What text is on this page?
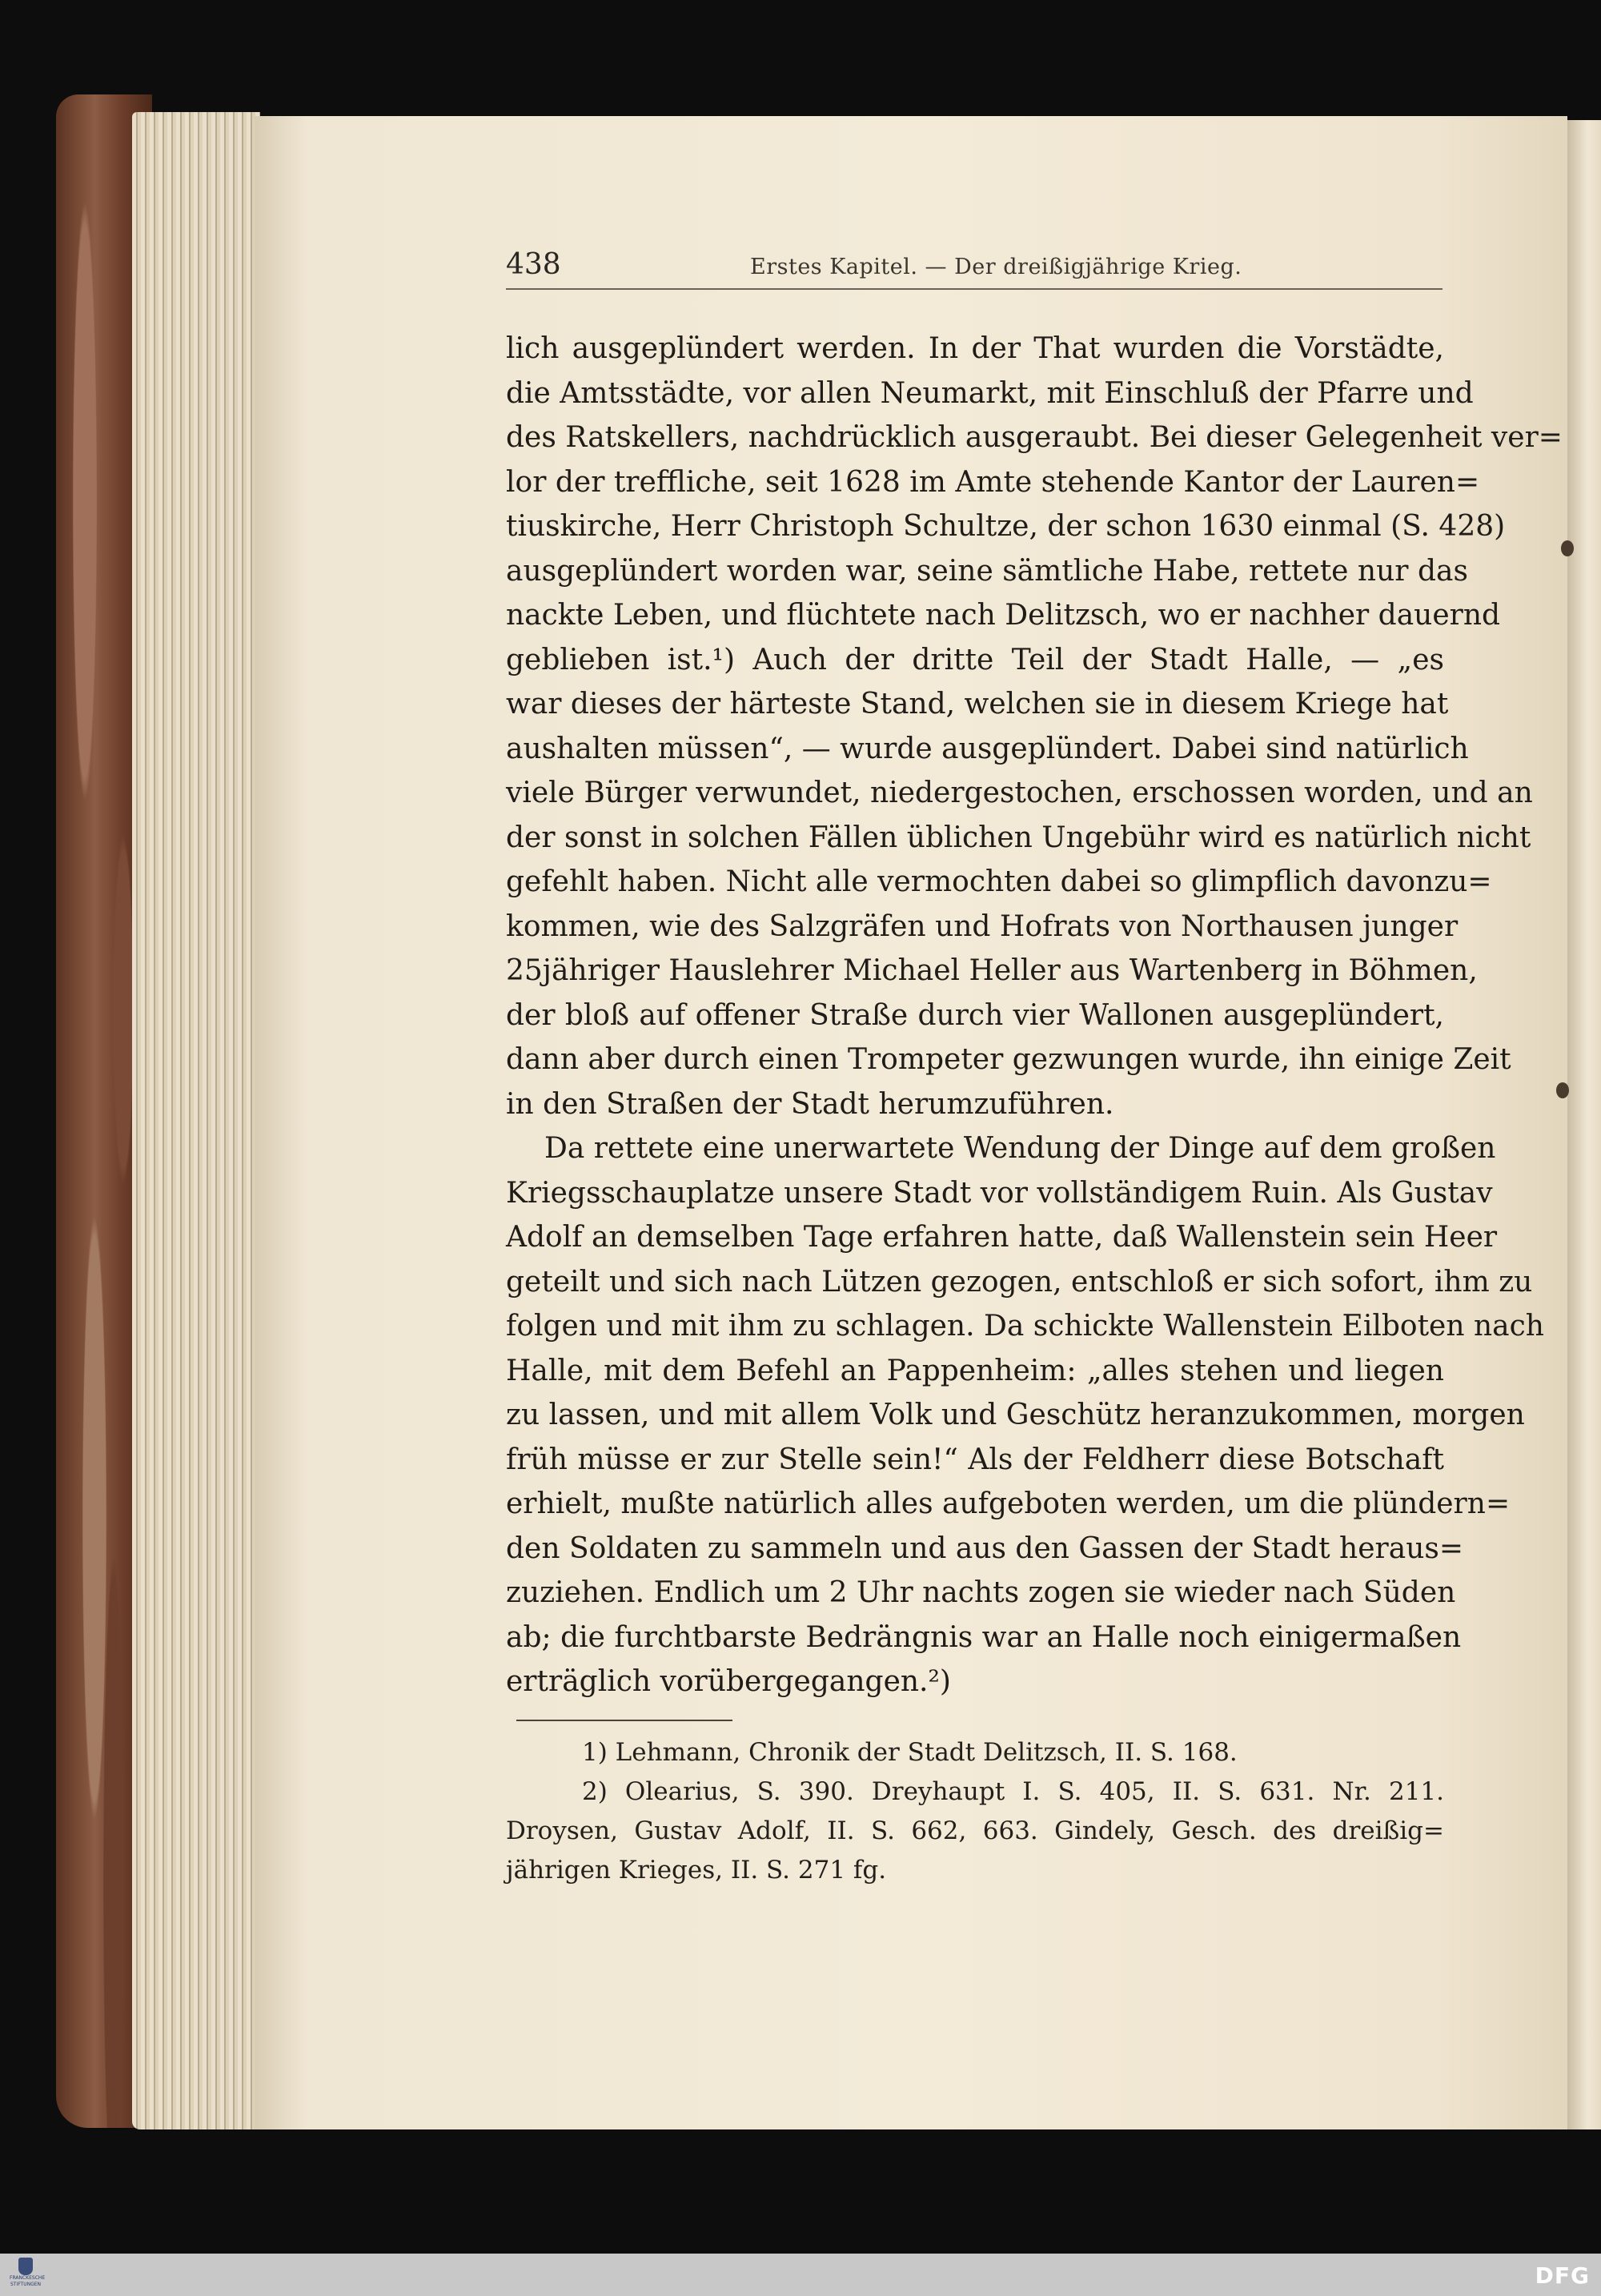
438	Erstes Kapitel. — Der dreißigjährige Krieg.
lich ausgeplündert werden. In der That wurden die Vorstädte,
die Amtsstädte, vor allen Neumarkt, mit Einschluß der Pfarre und
des Ratskellers, nachdrücklich ausgeraubt. Bei dieser Gelegenheit ver=
lor der treffliche, seit 1628 im Amte stehende Kantor der Lauren=
tiuskirche, Herr Christoph Schultze, der schon 1630 einmal (S. 428)
ausgeplündert worden war, seine sämtliche Habe, rettete nur das
nackte Leben, und flüchtete nach Delitzsch, wo er nachher dauernd
geblieben ist.¹) Auch der dritte Teil der Stadt Halle, — „es
war dieses der härteste Stand, welchen sie in diesem Kriege hat
aushalten müssen“, — wurde ausgeplündert. Dabei sind natürlich
viele Bürger verwundet, niedergestochen, erschossen worden, und an
der sonst in solchen Fällen üblichen Ungebühr wird es natürlich nicht
gefehlt haben. Nicht alle vermochten dabei so glimpflich davonzu=
kommen, wie des Salzgräfen und Hofrats von Northausen junger
25jähriger Hauslehrer Michael Heller aus Wartenberg in Böhmen,
der bloß auf offener Straße durch vier Wallonen ausgeplündert,
dann aber durch einen Trompeter gezwungen wurde, ihn einige Zeit
in den Straßen der Stadt herumzuführen.
Da rettete eine unerwartete Wendung der Dinge auf dem großen
Kriegsschauplatze unsere Stadt vor vollständigem Ruin. Als Gustav
Adolf an demselben Tage erfahren hatte, daß Wallenstein sein Heer
geteilt und sich nach Lützen gezogen, entschloß er sich sofort, ihm zu
folgen und mit ihm zu schlagen. Da schickte Wallenstein Eilboten nach
Halle, mit dem Befehl an Pappenheim: „alles stehen und liegen
zu lassen, und mit allem Volk und Geschütz heranzukommen, morgen
früh müsse er zur Stelle sein!“ Als der Feldherr diese Botschaft
erhielt, mußte natürlich alles aufgeboten werden, um die plündern=
den Soldaten zu sammeln und aus den Gassen der Stadt heraus=
zuziehen. Endlich um 2 Uhr nachts zogen sie wieder nach Süden
ab; die furchtbarste Bedrängnis war an Halle noch einigermaßen
erträglich vorübergegangen.²)
1) Lehmann, Chronik der Stadt Delitzsch, II. S. 168.
2) Olearius, S. 390. Dreyhaupt I. S. 405, II. S. 631. Nr. 211.
Droysen, Gustav Adolf, II. S. 662, 663. Gindely, Gesch. des dreißig=
jährigen Krieges, II. S. 271 fg.
FRANCKESCHE STIFTUNGEN	DFG
